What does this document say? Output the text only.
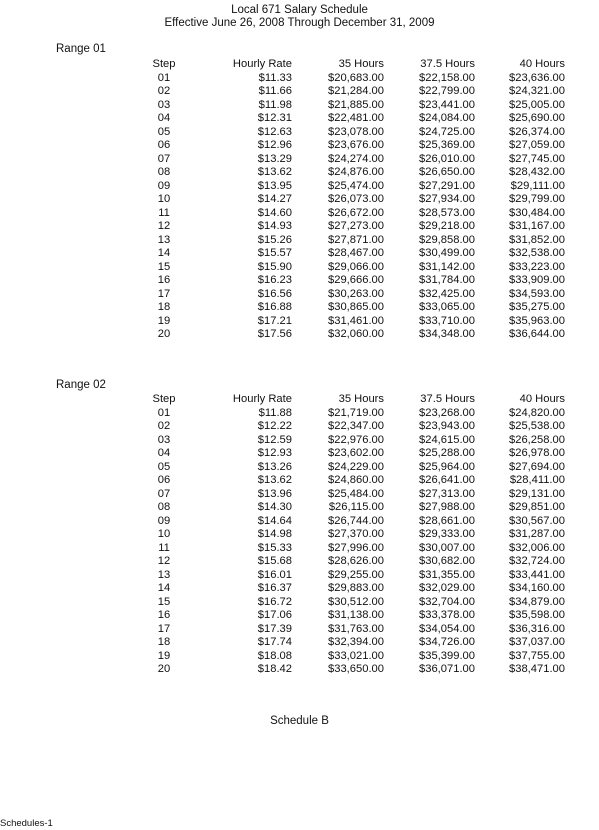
Local 671 Salary Schedule
Effective June 26, 2008 Through December 31, 2009
Range 01
Step	Hourly Rate	35 Hours	37.5 Hours	40 Hours
01	$11.33	$20,683.00	$22,158.00	$23,636.00
02	$11.66	$21,284.00	$22,799.00	$24,321.00
03	$11.98	$21,885.00	$23,441.00	$25,005.00
04	$12.31	$22,481.00	$24,084.00	$25,690.00
05	$12.63	$23,078.00	$24,725.00	$26,374.00
06	$12.96	$23,676.00	$25,369.00	$27,059.00
07	$13.29	$24,274.00	$26,010.00	$27,745.00
08	$13.62	$24,876.00	$26,650.00	$28,432.00
09	$13.95	$25,474.00	$27,291.00	$29,111.00
10	$14.27	$26,073.00	$27,934.00	$29,799.00
11	$14.60	$26,672.00	$28,573.00	$30,484.00
12	$14.93	$27,273.00	$29,218.00	$31,167.00
13	$15.26	$27,871.00	$29,858.00	$31,852.00
14	$15.57	$28,467.00	$30,499.00	$32,538.00
15	$15.90	$29,066.00	$31,142.00	$33,223.00
16	$16.23	$29,666.00	$31,784.00	$33,909.00
17	$16.56	$30,263.00	$32,425.00	$34,593.00
18	$16.88	$30,865.00	$33,065.00	$35,275.00
19	$17.21	$31,461.00	$33,710.00	$35,963.00
20	$17.56	$32,060.00	$34,348.00	$36,644.00
Range 02
Step	Hourly Rate	35 Hours	37.5 Hours	40 Hours
01	$11.88	$21,719.00	$23,268.00	$24,820.00
02	$12.22	$22,347.00	$23,943.00	$25,538.00
03	$12.59	$22,976.00	$24,615.00	$26,258.00
04	$12.93	$23,602.00	$25,288.00	$26,978.00
05	$13.26	$24,229.00	$25,964.00	$27,694.00
06	$13.62	$24,860.00	$26,641.00	$28,411.00
07	$13.96	$25,484.00	$27,313.00	$29,131.00
08	$14.30	$26,115.00	$27,988.00	$29,851.00
09	$14.64	$26,744.00	$28,661.00	$30,567.00
10	$14.98	$27,370.00	$29,333.00	$31,287.00
11	$15.33	$27,996.00	$30,007.00	$32,006.00
12	$15.68	$28,626.00	$30,682.00	$32,724.00
13	$16.01	$29,255.00	$31,355.00	$33,441.00
14	$16.37	$29,883.00	$32,029.00	$34,160.00
15	$16.72	$30,512.00	$32,704.00	$34,879.00
16	$17.06	$31,138.00	$33,378.00	$35,598.00
17	$17.39	$31,763.00	$34,054.00	$36,316.00
18	$17.74	$32,394.00	$34,726.00	$37,037.00
19	$18.08	$33,021.00	$35,399.00	$37,755.00
20	$18.42	$33,650.00	$36,071.00	$38,471.00
Schedule B
Schedules-1
